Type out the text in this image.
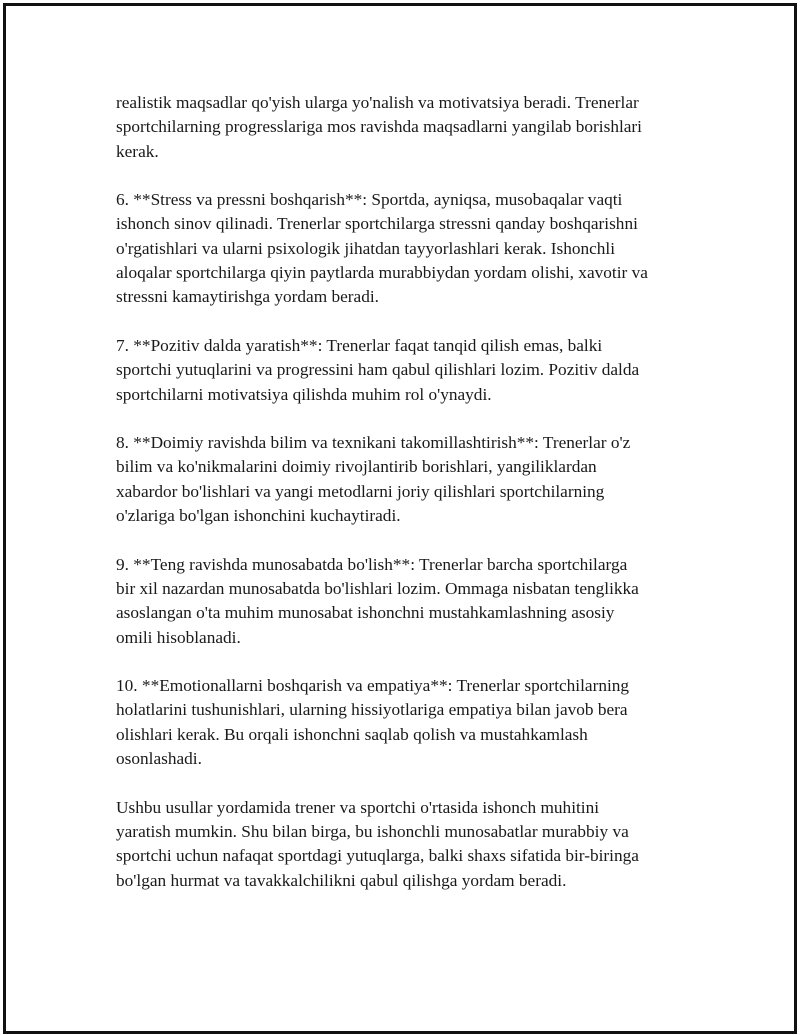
realistik maqsadlar qo'yish ularga yo'nalish va motivatsiya beradi. Trenerlar
sportchilarning progresslariga mos ravishda maqsadlarni yangilab borishlari
kerak.

6. **Stress va pressni boshqarish**: Sportda, ayniqsa, musobaqalar vaqti
ishonch sinov qilinadi. Trenerlar sportchilarga stressni qanday boshqarishni
o'rgatishlari va ularni psixologik jihatdan tayyorlashlari kerak. Ishonchli
aloqalar sportchilarga qiyin paytlarda murabbiydan yordam olishi, xavotir va
stressni kamaytirishga yordam beradi.

7. **Pozitiv dalda yaratish**: Trenerlar faqat tanqid qilish emas, balki
sportchi yutuqlarini va progressini ham qabul qilishlari lozim. Pozitiv dalda
sportchilarni motivatsiya qilishda muhim rol o'ynaydi.

8. **Doimiy ravishda bilim va texnikani takomillashtirish**: Trenerlar o'z
bilim va ko'nikmalarini doimiy rivojlantirib borishlari, yangiliklardan
xabardor bo'lishlari va yangi metodlarni joriy qilishlari sportchilarning
o'zlariga bo'lgan ishonchini kuchaytiradi.

9. **Teng ravishda munosabatda bo'lish**: Trenerlar barcha sportchilarga
bir xil nazardan munosabatda bo'lishlari lozim. Ommaga nisbatan tenglikka
asoslangan o'ta muhim munosabat ishonchni mustahkamlashning asosiy
omili hisoblanadi.

10. **Emotionallarni boshqarish va empatiya**: Trenerlar sportchilarning
holatlarini tushunishlari, ularning hissiyotlariga empatiya bilan javob bera
olishlari kerak. Bu orqali ishonchni saqlab qolish va mustahkamlash
osonlashadi.

Ushbu usullar yordamida trener va sportchi o'rtasida ishonch muhitini
yaratish mumkin. Shu bilan birga, bu ishonchli munosabatlar murabbiy va
sportchi uchun nafaqat sportdagi yutuqlarga, balki shaxs sifatida bir-biringa
bo'lgan hurmat va tavakkalchilikni qabul qilishga yordam beradi.
